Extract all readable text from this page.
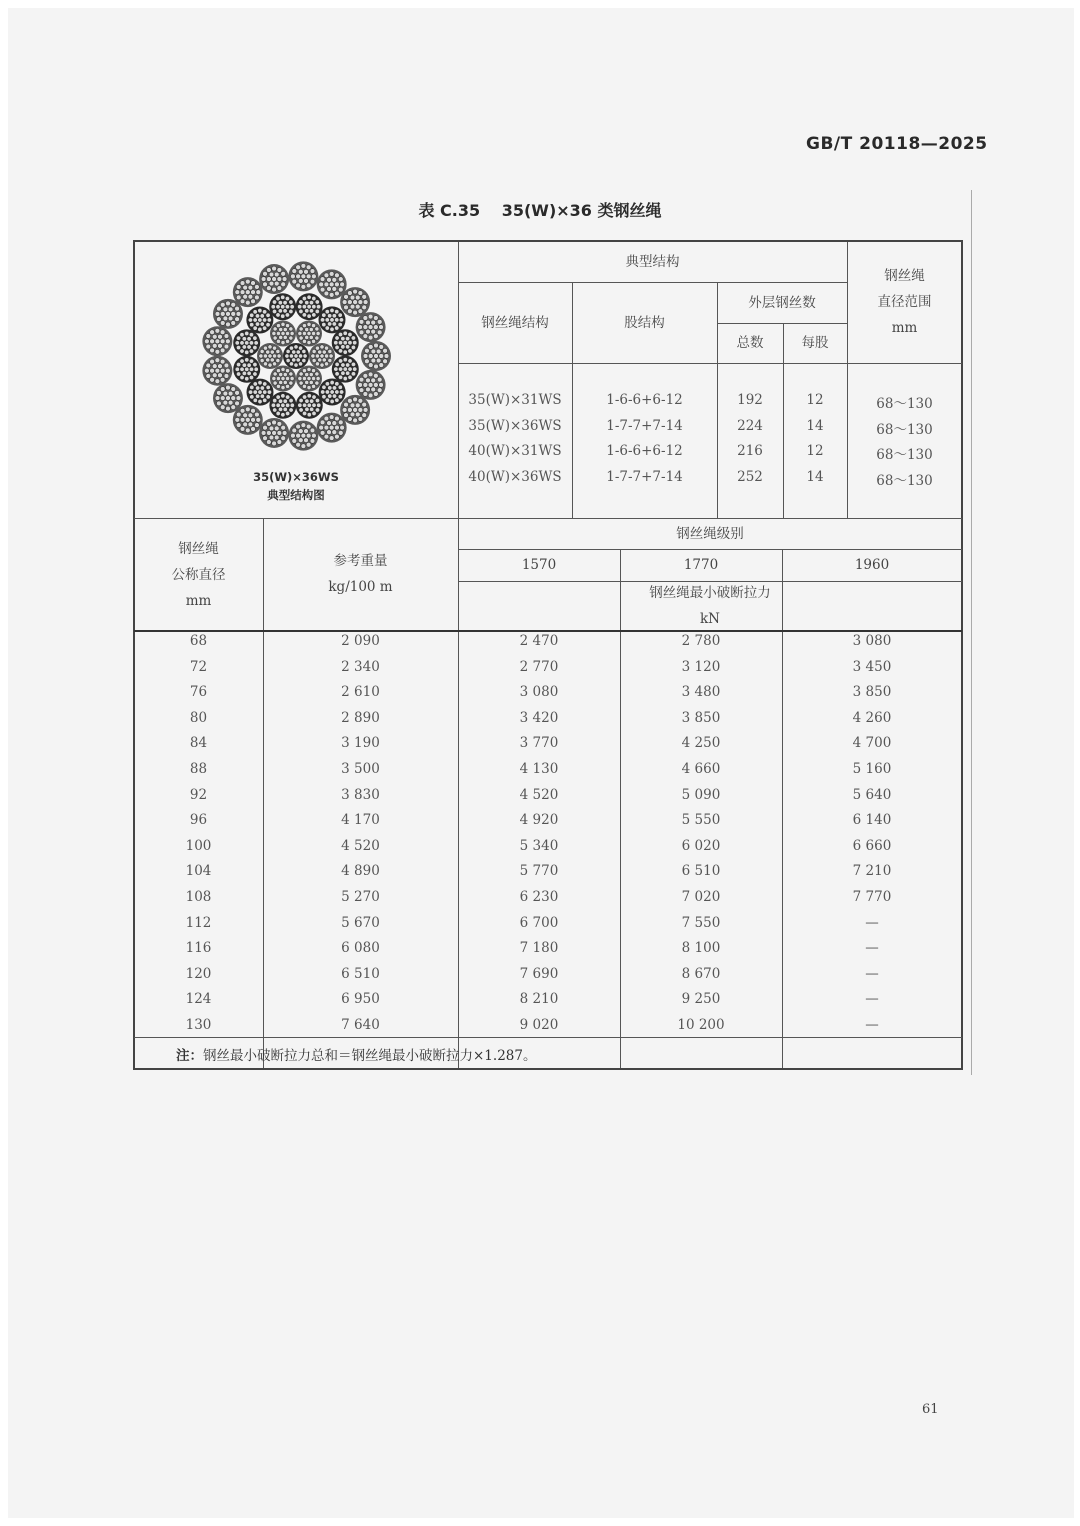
GB/T 20118—2025
表 C.35 35(W)×36 类钢丝绳
35(W)×36WS
典型结构图
典型结构
钢丝绳结构	股结构
外层钢丝数
总数	每股
钢丝绳
直径范围
mm
35(W)×31WS	1-6-6+6-12	192	12	68～130
35(W)×36WS	1-7-7+7-14	224	14	68～130
40(W)×31WS	1-6-6+6-12	216	12	68～130
40(W)×36WS	1-7-7+7-14	252	14	68～130
钢丝绳
公称直径
mm
参考重量
kg/100 m
钢丝绳级别
1570	1770	1960
钢丝绳最小破断拉力
kN
68	2 090	2 470	2 780	3 080
72	2 340	2 770	3 120	3 450
76	2 610	3 080	3 480	3 850
80	2 890	3 420	3 850	4 260
84	3 190	3 770	4 250	4 700
88	3 500	4 130	4 660	5 160
92	3 830	4 520	5 090	5 640
96	4 170	4 920	5 550	6 140
100	4 520	5 340	6 020	6 660
104	4 890	5 770	6 510	7 210
108	5 270	6 230	7 020	7 770
112	5 670	6 700	7 550	—
116	6 080	7 180	8 100	—
120	6 510	7 690	8 670	—
124	6 950	8 210	9 250	—
130	7 640	9 020	10 200	—
注：钢丝最小破断拉力总和＝钢丝绳最小破断拉力×1.287。
61
